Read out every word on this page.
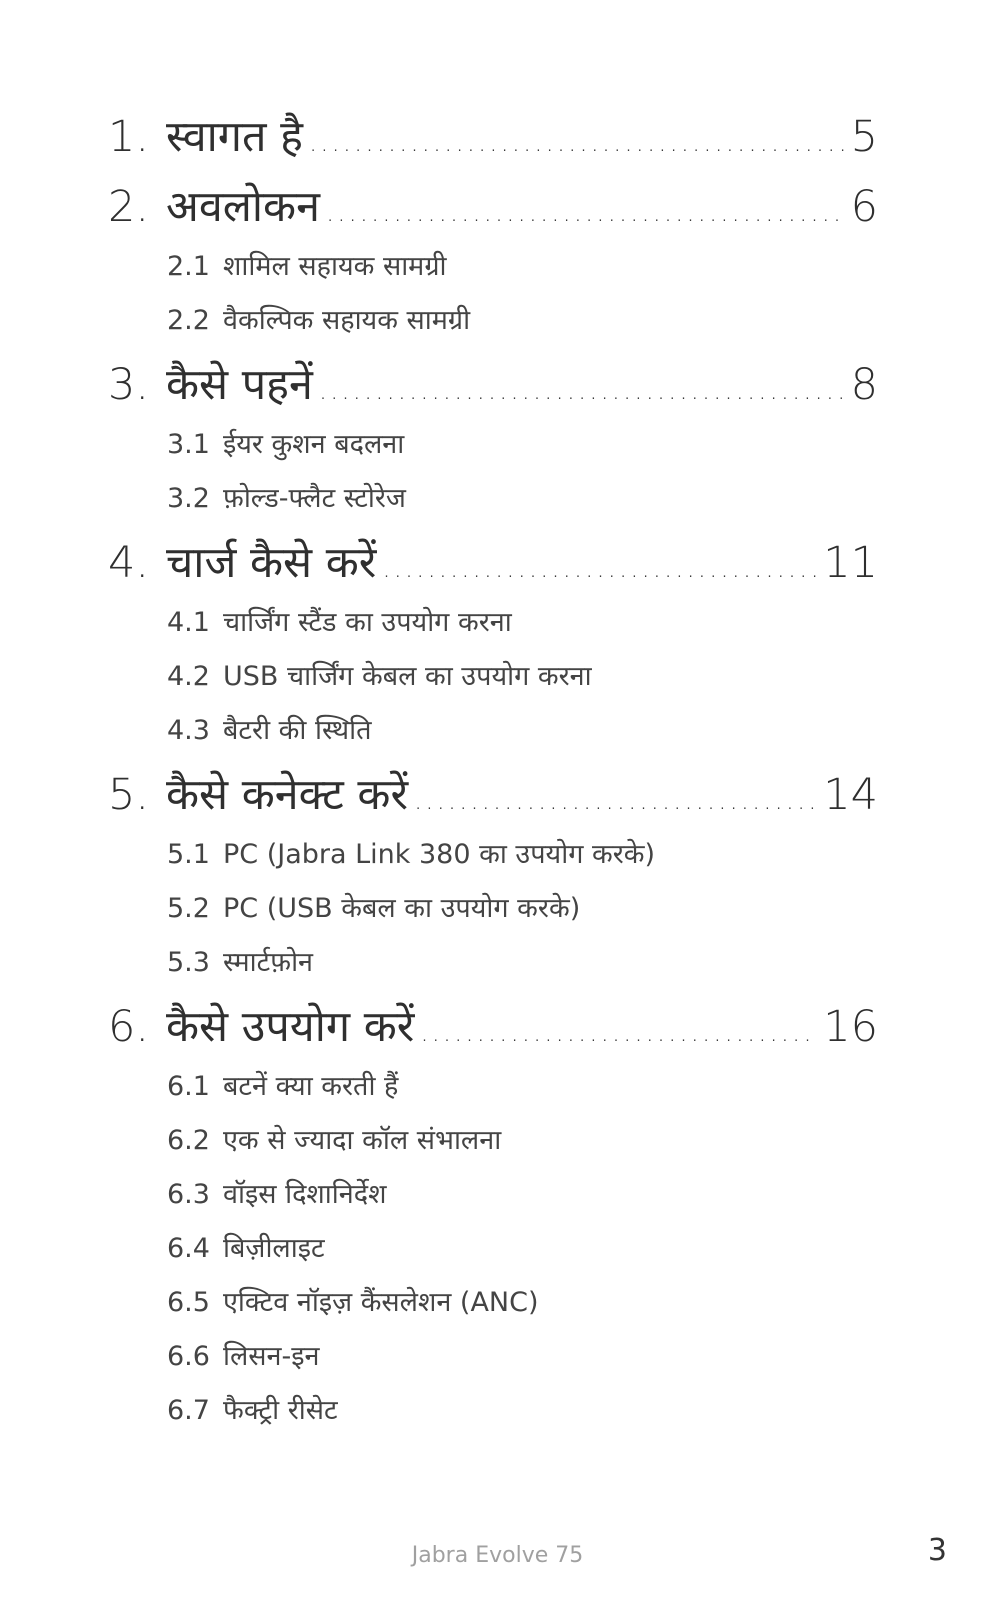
1. स्वागत है .....	5
2. अवलोकन .....	6
2.1 शामिल सहायक सामग्री
2.2 वैकल्पिक सहायक सामग्री
3. कैसे पहनें .....	8
3.1 ईयर कुशन बदलना
3.2 फ़ोल्ड-फ्लैट स्टोरेज
4. चार्ज कैसे करें .....	11
4.1 चार्जिंग स्टैंड का उपयोग करना
4.2 USB चार्जिंग केबल का उपयोग करना
4.3 बैटरी की स्थिति
5. कैसे कनेक्ट करें .....	14
5.1 PC (Jabra Link 380 का उपयोग करके)
5.2 PC (USB केबल का उपयोग करके)
5.3 स्मार्टफ़ोन
6. कैसे उपयोग करें .....	16
6.1 बटनें क्या करती हैं
6.2 एक से ज्यादा कॉल संभालना
6.3 वॉइस दिशानिर्देश
6.4 बिज़ीलाइट
6.5 एक्टिव नॉइज़ कैंसलेशन (ANC)
6.6 लिसन-इन
6.7 फैक्ट्री रीसेट
Jabra Evolve 75	3
